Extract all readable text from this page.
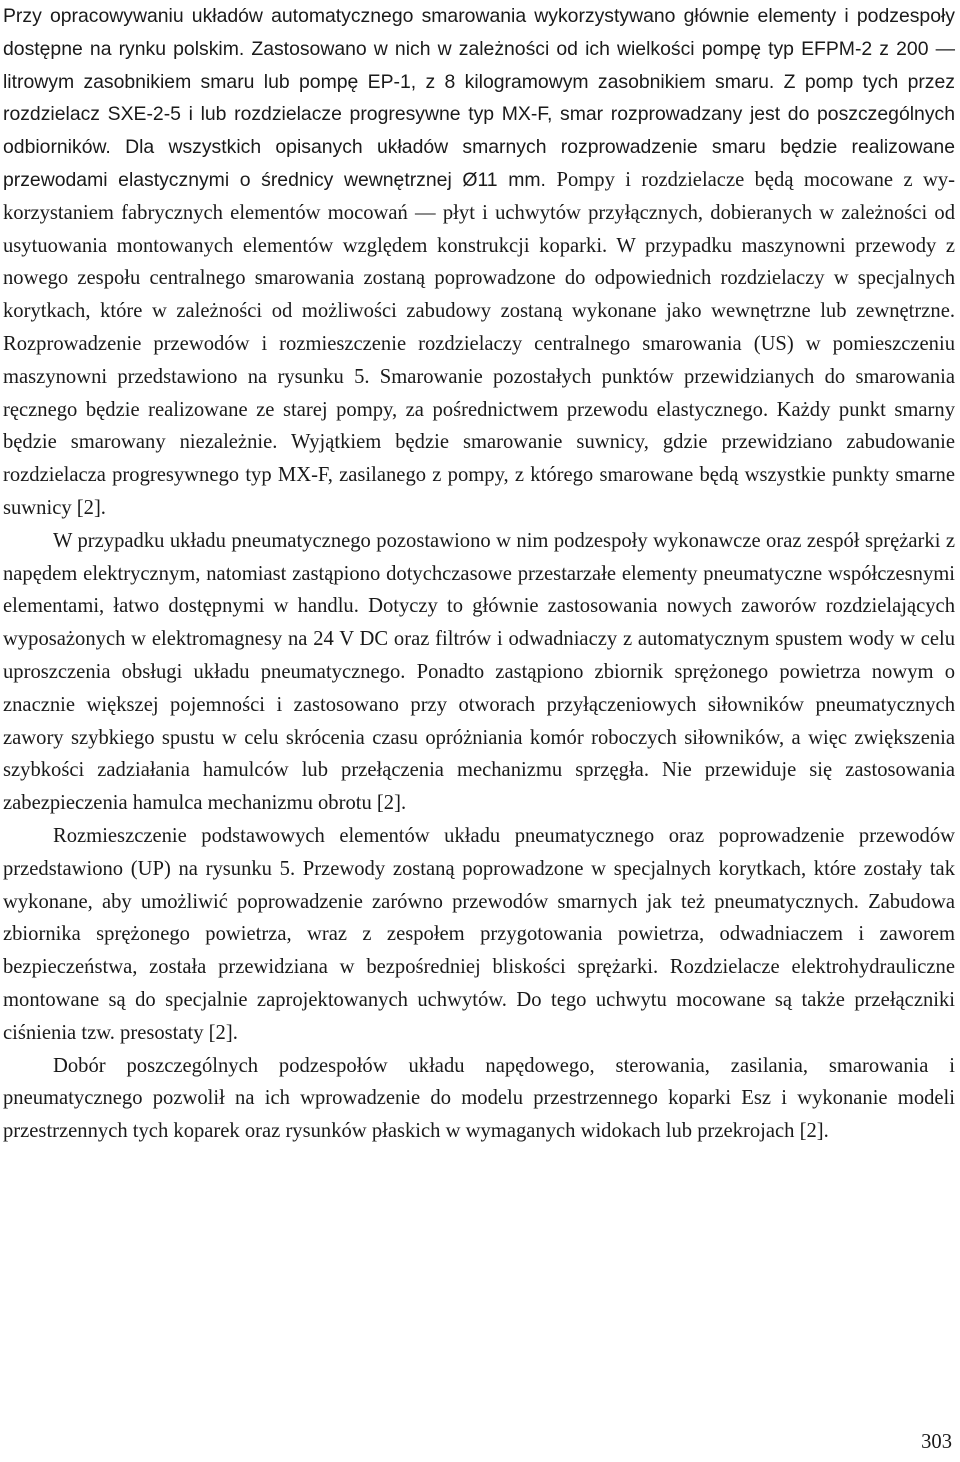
Przy opracowywaniu układów automatycznego smarowania wykorzystywano głównie elementy i podzespoły dostępne na rynku polskim. Zastosowano w nich w zależności od ich wielkości pompę typ EFPM-2 z 200 — litrowym zasobnikiem smaru lub pompę EP-1, z 8 kilogramowym zasobnikiem smaru. Z pomp tych przez rozdzielacz SXE-2-5 i lub rozdzielacze progresywne typ MX-F, smar rozprowadzany jest do poszczególnych odbiorników. Dla wszystkich opisanych układów smarnych rozprowadzenie smaru będzie realizowane przewodami elastycznymi o średnicy wewnętrznej Ø11 mm. Pompy i rozdzielacze będą mocowane z wykorzystaniem fabrycznych elementów mocowań — płyt i uchwytów przyłącznych, dobieranych w zależności od usytuowania montowanych elementów względem konstrukcji koparki. W przypadku maszynowni przewody z nowego zespołu centralnego smarowania zostaną poprowadzone do odpowiednich rozdzielaczy w specjalnych korytkach, które w zależności od możliwości zabudowy zostaną wykonane jako wewnętrzne lub zewnętrzne. Rozprowadzenie przewodów i rozmieszczenie rozdzielaczy centralnego smarowania (US) w pomieszczeniu maszynowni przedstawiono na rysunku 5. Smarowanie pozostałych punktów przewidzianych do smarowania ręcznego będzie realizowane ze starej pompy, za pośrednictwem przewodu elastycznego. Każdy punkt smarny będzie smarowany niezależnie. Wyjątkiem będzie smarowanie suwnicy, gdzie przewidziano zabudowanie rozdzielacza progresywnego typ MX-F, zasilanego z pompy, z którego smarowane będą wszystkie punkty smarne suwnicy [2].

W przypadku układu pneumatycznego pozostawiono w nim podzespoły wykonawcze oraz zespół sprężarki z napędem elektrycznym, natomiast zastąpiono dotychczasowe przestarzałe elementy pneumatyczne współczesnymi elementami, łatwo dostępnymi w handlu. Dotyczy to głównie zastosowania nowych zaworów rozdzielających wyposażonych w elektromagnesy na 24 V DC oraz filtrów i odwadniaczy z automatycznym spustem wody w celu uproszczenia obsługi układu pneumatycznego. Ponadto zastąpiono zbiornik sprężonego powietrza nowym o znacznie większej pojemności i zastosowano przy otworach przyłączeniowych siłowników pneumatycznych zawory szybkiego spustu w celu skrócenia czasu opróżniania komór roboczych siłowników, a więc zwiększenia szybkości zadziałania hamulców lub przełączenia mechanizmu sprzęgła. Nie przewiduje się zastosowania zabezpieczenia hamulca mechanizmu obrotu [2].

Rozmieszczenie podstawowych elementów układu pneumatycznego oraz poprowadzenie przewodów przedstawiono (UP) na rysunku 5. Przewody zostaną poprowadzone w specjalnych korytkach, które zostały tak wykonane, aby umożliwić poprowadzenie zarówno przewodów smarnych jak też pneumatycznych. Zabudowa zbiornika sprężonego powietrza, wraz z zespołem przygotowania powietrza, odwadniaczem i zaworem bezpieczeństwa, została przewidziana w bezpośredniej bliskości sprężarki. Rozdzielacze elektrohydrauliczne montowane są do specjalnie zaprojektowanych uchwytów. Do tego uchwytu mocowane są także przełączniki ciśnienia tzw. presostaty [2].

Dobór poszczególnych podzespołów układu napędowego, sterowania, zasilania, smarowania i pneumatycznego pozwolił na ich wprowadzenie do modelu przestrzennego koparki Esz i wykonanie modeli przestrzennych tych koparek oraz rysunków płaskich w wymaganych widokach lub przekrojach [2].

303
